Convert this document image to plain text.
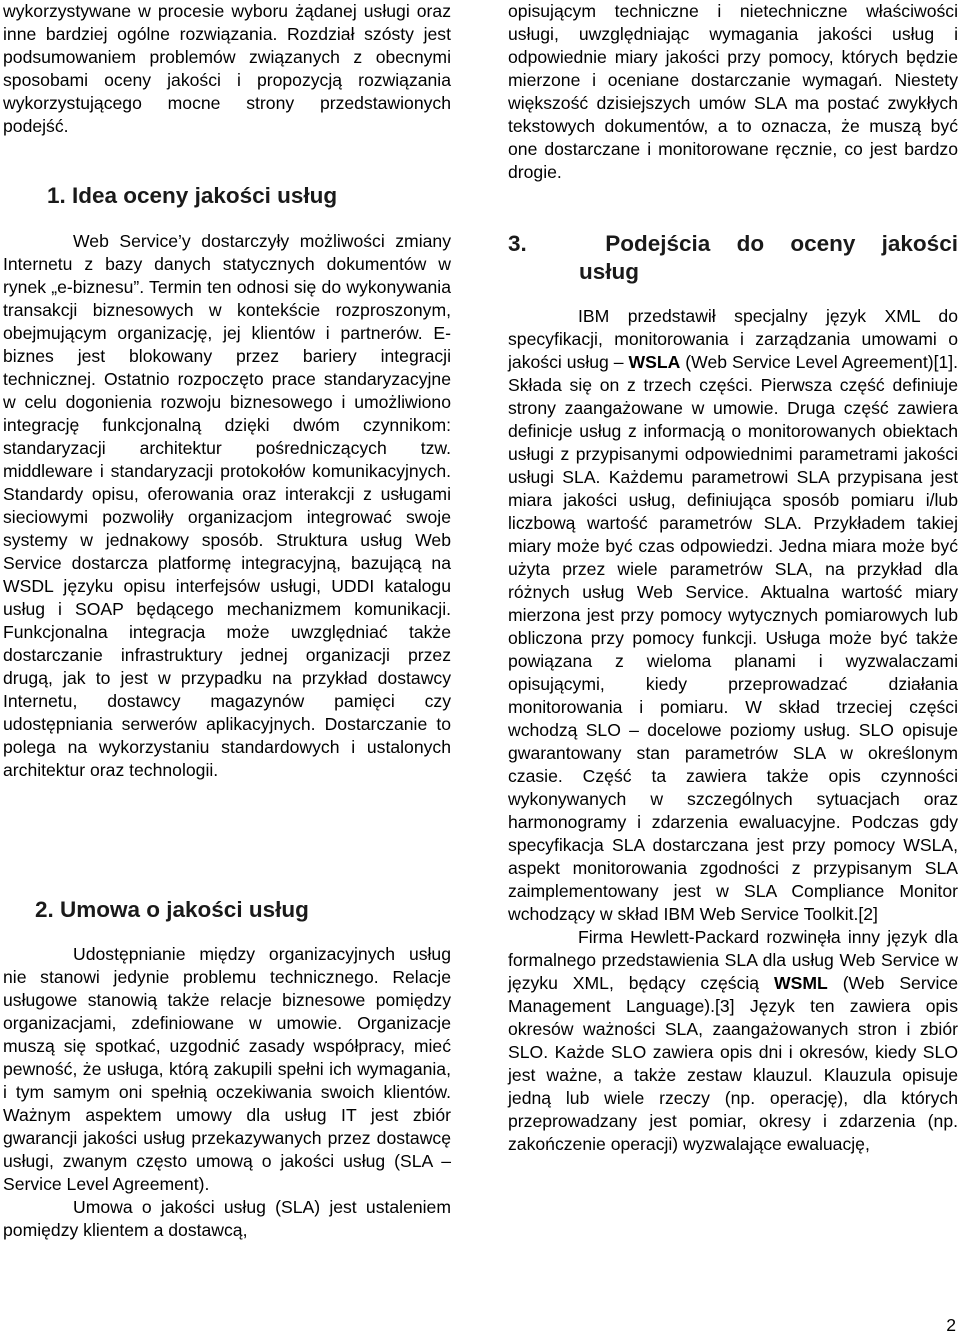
wykorzystywane w procesie wyboru żądanej usługi oraz inne bardziej ogólne rozwiązania. Rozdział szósty jest podsumowaniem problemów związanych z obecnymi sposobami oceny jakości i propozycją rozwiązania wykorzystującego mocne strony przedstawionych podejść.

1. Idea oceny jakości usług

Web Service’y dostarczyły możliwości zmiany Internetu z bazy danych statycznych dokumentów w rynek „e-biznesu”. Termin ten odnosi się do wykonywania transakcji biznesowych w kontekście rozproszonym, obejmującym organizację, jej klientów i partnerów. E-biznes jest blokowany przez bariery integracji technicznej. Ostatnio rozpoczęto prace standaryzacyjne w celu dogonienia rozwoju biznesowego i umożliwiono integrację funkcjonalną dzięki dwóm czynnikom: standaryzacji architektur pośredniczących tzw. middleware i standaryzacji protokołów komunikacyjnych. Standardy opisu, oferowania oraz interakcji z usługami sieciowymi pozwoliły organizacjom integrować swoje systemy w jednakowy sposób. Struktura usług Web Service dostarcza platformę integracyjną, bazującą na WSDL języku opisu interfejsów usługi, UDDI katalogu usług i SOAP będącego mechanizmem komunikacji. Funkcjonalna integracja może uwzględniać także dostarczanie infrastruktury jednej organizacji przez drugą, jak to jest w przypadku na przykład dostawcy Internetu, dostawcy magazynów pamięci czy udostępniania serwerów aplikacyjnych. Dostarczanie to polega na wykorzystaniu standardowych i ustalonych architektur oraz technologii.

2. Umowa o jakości usług

Udostępnianie między organizacyjnych usług nie stanowi jedynie problemu technicznego. Relacje usługowe stanowią także relacje biznesowe pomiędzy organizacjami, zdefiniowane w umowie. Organizacje muszą się spotkać, uzgodnić zasady współpracy, mieć pewność, że usługa, którą zakupili spełni ich wymagania, i tym samym oni spełnią oczekiwania swoich klientów. Ważnym aspektem umowy dla usług IT jest zbiór gwarancji jakości usług przekazywanych przez dostawcę usługi, zwanym często umową o jakości usług (SLA – Service Level Agreement).

Umowa o jakości usług (SLA) jest ustaleniem pomiędzy klientem a dostawcą,

opisującym techniczne i nietechniczne właściwości usługi, uwzględniając wymagania jakości usług i odpowiednie miary jakości przy pomocy, których będzie mierzone i oceniane dostarczanie wymagań. Niestety większość dzisiejszych umów SLA ma postać zwykłych tekstowych dokumentów, a to oznacza, że muszą być one dostarczane i monitorowane ręcznie, co jest bardzo drogie.

3.	Podejścia do oceny jakości
usług

IBM przedstawił specjalny język XML do specyfikacji, monitorowania i zarządzania umowami o jakości usług – WSLA (Web Service Level Agreement)[1]. Składa się on z trzech części. Pierwsza część definiuje strony zaangażowane w umowie. Druga część zawiera definicje usług z informacją o monitorowanych obiektach usługi z przypisanymi odpowiednimi parametrami jakości usługi SLA. Każdemu parametrowi SLA przypisana jest miara jakości usług, definiująca sposób pomiaru i/lub liczbową wartość parametrów SLA. Przykładem takiej miary może być czas odpowiedzi. Jedna miara może być użyta przez wiele parametrów SLA, na przykład dla różnych usług Web Service. Aktualna wartość miary mierzona jest przy pomocy wytycznych pomiarowych lub obliczona przy pomocy funkcji. Usługa może być także powiązana z wieloma planami i wyzwalaczami opisującymi, kiedy przeprowadzać działania monitorowania i pomiaru. W skład trzeciej części wchodzą SLO – docelowe poziomy usług. SLO opisuje gwarantowany stan parametrów SLA w określonym czasie. Część ta zawiera także opis czynności wykonywanych w szczególnych sytuacjach oraz harmonogramy i zdarzenia ewaluacyjne. Podczas gdy specyfikacja SLA dostarczana jest przy pomocy WSLA, aspekt monitorowania zgodności z przypisanym SLA zaimplementowany jest w SLA Compliance Monitor wchodzący w skład IBM Web Service Toolkit.[2]

Firma Hewlett-Packard rozwinęła inny język dla formalnego przedstawienia SLA dla usług Web Service w języku XML, będący częścią WSML (Web Service Management Language).[3] Język ten zawiera opis okresów ważności SLA, zaangażowanych stron i zbiór SLO. Każde SLO zawiera opis dni i okresów, kiedy SLO jest ważne, a także zestaw klauzul. Klauzula opisuje jedną lub wiele rzeczy (np. operację), dla których przeprowadzany jest pomiar, okresy i zdarzenia (np. zakończenie operacji) wyzwalające ewaluację,

2
